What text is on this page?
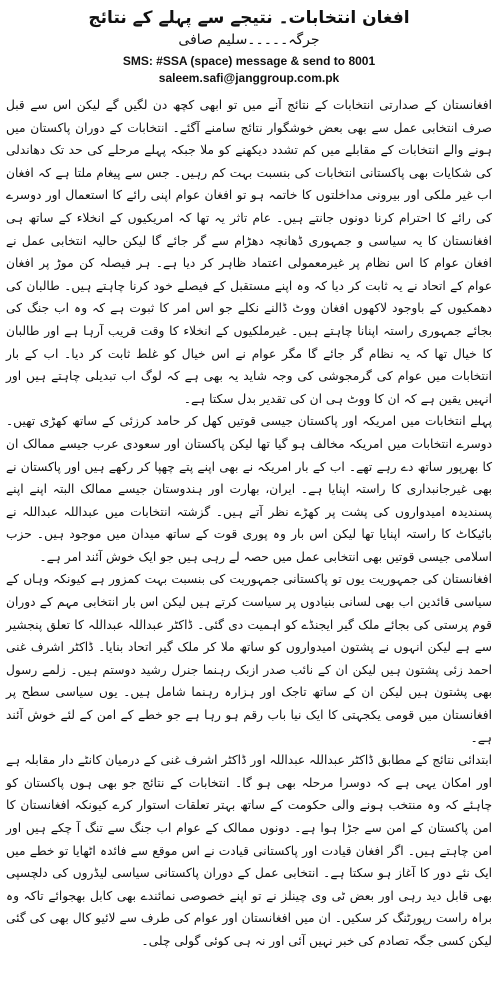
افغان انتخابات۔ نتیجے سے پہلے کے نتائج
جرگہ۔۔۔۔۔سلیم صافی
SMS: #SSA (space) message & send to 8001
saleem.safi@janggroup.com.pk

افغانستان کے صدارتی انتخابات کے نتائج آنے میں تو ابھی کچھ دن لگیں گے لیکن اس سے قبل صرف انتخابی عمل سے بھی بعض خوشگوار نتائج سامنے آگئے۔ انتخابات کے دوران پاکستان میں ہونے والے انتخابات کے مقابلے میں کم تشدد دیکھنے کو ملا جبکہ پہلے مرحلے کی حد تک دھاندلی کی شکایات بھی پاکستانی انتخابات کی بنسبت بہت کم رہیں۔ جس سے پیغام ملتا ہے کہ افغان اب غیر ملکی اور بیرونی مداخلتوں کا خاتمہ ہو تو افغان عوام اپنی رائے کا استعمال اور دوسرے کی رائے کا احترام کرنا دونوں جانتے ہیں۔ عام تاثر یہ تھا کہ امریکیوں کے انخلاء کے ساتھ ہی افغانستان کا یہ سیاسی و جمہوری ڈھانچہ دھڑام سے گر جائے گا لیکن حالیہ انتخابی عمل نے افغان عوام کا اس نظام پر غیرمعمولی اعتماد ظاہر کر دیا ہے۔ ہر فیصلہ کن موڑ پر افغان عوام کے اتحاد نے یہ ثابت کر دیا کہ وہ اپنے مستقبل کے فیصلے خود کرنا چاہتے ہیں۔ طالبان کی دھمکیوں کے باوجود لاکھوں افغان ووٹ ڈالنے نکلے جو اس امر کا ثبوت ہے کہ وہ اب جنگ کی بجائے جمہوری راستہ اپنانا چاہتے ہیں۔ غیرملکیوں کے انخلاء کا وقت قریب آرہا ہے اور طالبان کا خیال تھا کہ یہ نظام گر جائے گا مگر عوام نے اس خیال کو غلط ثابت کر دیا۔ اب کے بار انتخابات میں عوام کی گرمجوشی کی وجہ شاید یہ بھی ہے کہ لوگ اب تبدیلی چاہتے ہیں اور انہیں یقین ہے کہ ان کا ووٹ ہی ان کی تقدیر بدل سکتا ہے۔

پہلے انتخابات میں امریکہ اور پاکستان جیسی قوتیں کھل کر حامد کرزئی کے ساتھ کھڑی تھیں۔ دوسرے انتخابات میں امریکہ مخالف ہو گیا تھا لیکن پاکستان اور سعودی عرب جیسے ممالک ان کا بھرپور ساتھ دے رہے تھے۔ اب کے بار امریکہ نے بھی اپنے پتے چھپا کر رکھے ہیں اور پاکستان نے بھی غیرجانبداری کا راستہ اپنایا ہے۔ ایران، بھارت اور ہندوستان جیسے ممالک البتہ اپنے اپنے پسندیدہ امیدواروں کی پشت پر کھڑے نظر آتے ہیں۔ گزشتہ انتخابات میں عبداللہ عبداللہ نے بائیکاٹ کا راستہ اپنایا تھا لیکن اس بار وہ پوری قوت کے ساتھ میدان میں موجود ہیں۔ حزب اسلامی جیسی قوتیں بھی انتخابی عمل میں حصہ لے رہی ہیں جو ایک خوش آئند امر ہے۔

افغانستان کی جمہوریت یوں تو پاکستانی جمہوریت کی بنسبت بہت کمزور ہے کیونکہ وہاں کے سیاسی قائدین اب بھی لسانی بنیادوں پر سیاست کرتے ہیں لیکن اس بار انتخابی مہم کے دوران قوم پرستی کی بجائے ملک گیر ایجنڈے کو اہمیت دی گئی۔ ڈاکٹر عبداللہ عبداللہ کا تعلق پنجشیر سے ہے لیکن انہوں نے پشتون امیدواروں کو ساتھ ملا کر ملک گیر اتحاد بنایا۔ ڈاکٹر اشرف غنی احمد زئی پشتون ہیں لیکن ان کے نائب صدر ازبک رہنما جنرل رشید دوستم ہیں۔ زلمے رسول بھی پشتون ہیں لیکن ان کے ساتھ تاجک اور ہزارہ رہنما شامل ہیں۔ یوں سیاسی سطح پر افغانستان میں قومی یکجہتی کا ایک نیا باب رقم ہو رہا ہے جو خطے کے امن کے لئے خوش آئند ہے۔

ابتدائی نتائج کے مطابق ڈاکٹر عبداللہ عبداللہ اور ڈاکٹر اشرف غنی کے درمیان کانٹے دار مقابلہ ہے اور امکان یہی ہے کہ دوسرا مرحلہ بھی ہو گا۔ انتخابات کے نتائج جو بھی ہوں پاکستان کو چاہئے کہ وہ منتخب ہونے والی حکومت کے ساتھ بہتر تعلقات استوار کرے کیونکہ افغانستان کا امن پاکستان کے امن سے جڑا ہوا ہے۔ دونوں ممالک کے عوام اب جنگ سے تنگ آ چکے ہیں اور امن چاہتے ہیں۔ اگر افغان قیادت اور پاکستانی قیادت نے اس موقع سے فائدہ اٹھایا تو خطے میں ایک نئے دور کا آغاز ہو سکتا ہے۔ انتخابی عمل کے دوران پاکستانی سیاسی لیڈروں کی دلچسپی بھی قابل دید رہی اور بعض ٹی وی چینلز نے تو اپنے خصوصی نمائندے بھی کابل بھجوائے تاکہ وہ براہ راست رپورٹنگ کر سکیں۔ ان میں افغانستان اور عوام کی طرف سے لائیو کال بھی کی گئی لیکن کسی جگہ تصادم کی خبر نہیں آئی اور نہ ہی کوئی گولی چلی۔
